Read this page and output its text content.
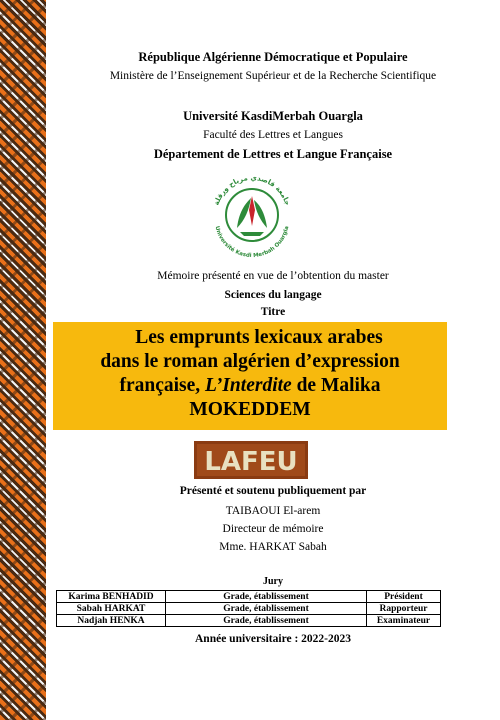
République Algérienne Démocratique et Populaire
Ministère de l’Enseignement Supérieur et de la Recherche Scientifique
Université KasdiMerbah Ouargla
Faculté des Lettres et Langues
Département de Lettres et Langue Française
جامعة قاصدي مرباح ورقلة
Université Kasdi Merbah Ouargla
Mémoire présenté en vue de l’obtention du master
Sciences du langage
Titre
Les emprunts lexicaux arabes
dans le roman algérien d’expression
française, L’Interdite de Malika
MOKEDDEM
LAFEU
Présenté et soutenu publiquement par
TAIBAOUI El-arem
Directeur de mémoire
Mme. HARKAT Sabah
Jury
Karima BENHADID	Grade, établissement	Président
Sabah HARKAT	Grade, établissement	Rapporteur
Nadjah HENKA	Grade, établissement	Examinateur
Année universitaire : 2022-2023
